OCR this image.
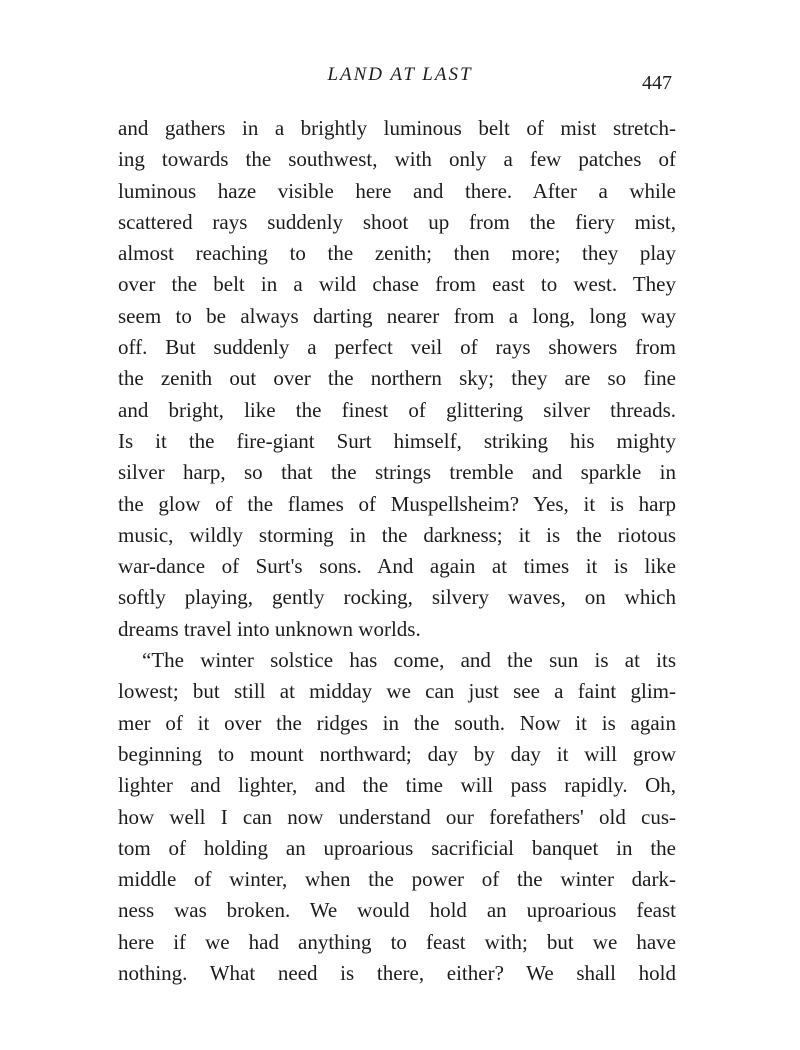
LAND AT LAST	447
and gathers in a brightly luminous belt of mist stretch-
ing towards the southwest, with only a few patches of
luminous haze visible here and there. After a while
scattered rays suddenly shoot up from the fiery mist,
almost reaching to the zenith; then more; they play
over the belt in a wild chase from east to west. They
seem to be always darting nearer from a long, long way
off. But suddenly a perfect veil of rays showers from
the zenith out over the northern sky; they are so fine
and bright, like the finest of glittering silver threads.
Is it the fire-giant Surt himself, striking his mighty
silver harp, so that the strings tremble and sparkle in
the glow of the flames of Muspellsheim? Yes, it is harp
music, wildly storming in the darkness; it is the riotous
war-dance of Surt's sons. And again at times it is like
softly playing, gently rocking, silvery waves, on which
dreams travel into unknown worlds.
“The winter solstice has come, and the sun is at its
lowest; but still at midday we can just see a faint glim-
mer of it over the ridges in the south. Now it is again
beginning to mount northward; day by day it will grow
lighter and lighter, and the time will pass rapidly. Oh,
how well I can now understand our forefathers' old cus-
tom of holding an uproarious sacrificial banquet in the
middle of winter, when the power of the winter dark-
ness was broken. We would hold an uproarious feast
here if we had anything to feast with; but we have
nothing. What need is there, either? We shall hold
